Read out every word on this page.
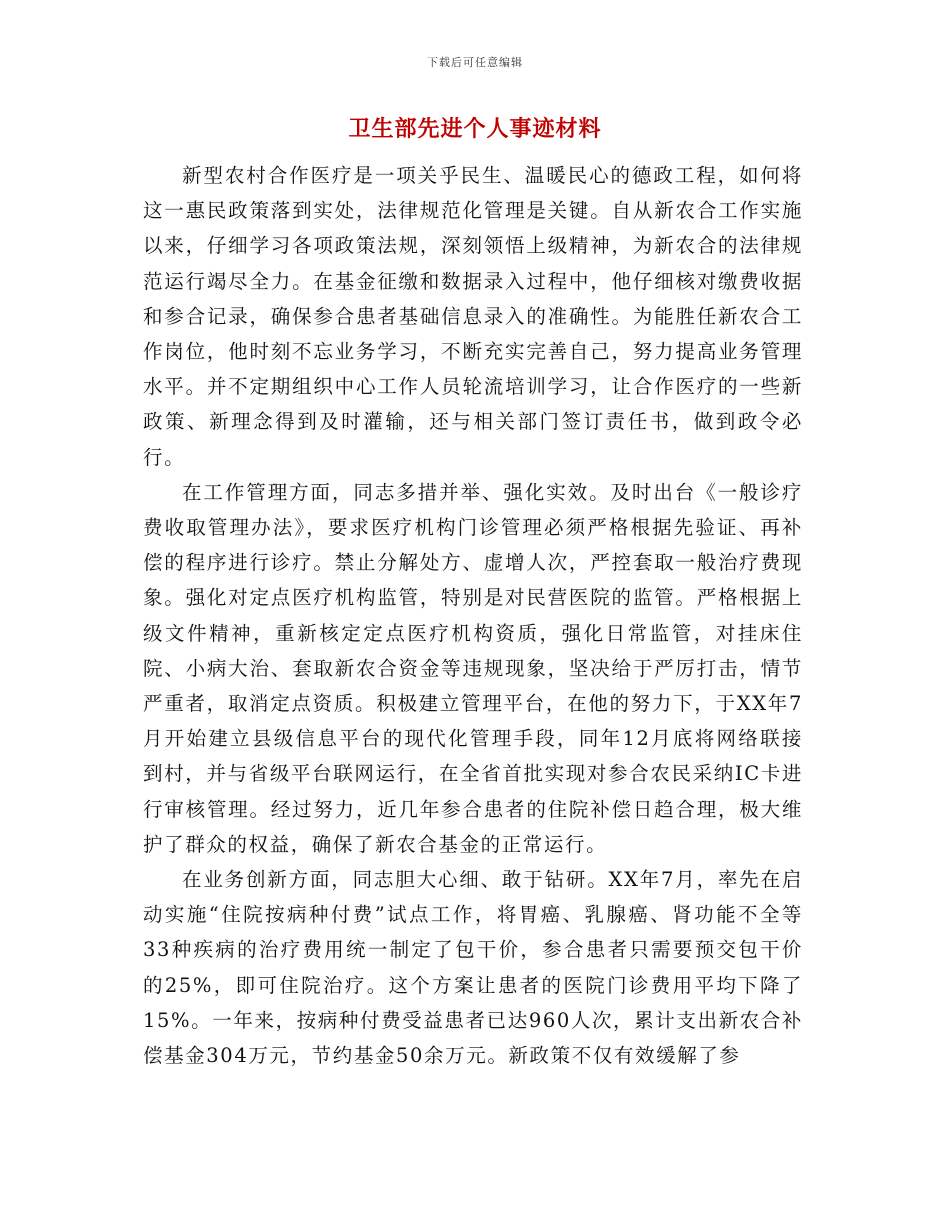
下载后可任意编辑
卫生部先进个人事迹材料

新型农村合作医疗是一项关乎民生、温暖民心的德政工程，如何将这一惠民政策落到实处，法律规范化管理是关键。自从新农合工作实施以来，仔细学习各项政策法规，深刻领悟上级精神，为新农合的法律规范运行竭尽全力。在基金征缴和数据录入过程中，他仔细核对缴费收据和参合记录，确保参合患者基础信息录入的准确性。为能胜任新农合工作岗位，他时刻不忘业务学习，不断充实完善自己，努力提高业务管理水平。并不定期组织中心工作人员轮流培训学习，让合作医疗的一些新政策、新理念得到及时灌输，还与相关部门签订责任书，做到政令必行。

在工作管理方面，同志多措并举、强化实效。及时出台《一般诊疗费收取管理办法》，要求医疗机构门诊管理必须严格根据先验证、再补偿的程序进行诊疗。禁止分解处方、虚增人次，严控套取一般治疗费现象。强化对定点医疗机构监管，特别是对民营医院的监管。严格根据上级文件精神，重新核定定点医疗机构资质，强化日常监管，对挂床住院、小病大治、套取新农合资金等违规现象，坚决给于严厉打击，情节严重者，取消定点资质。积极建立管理平台，在他的努力下，于XX年7月开始建立县级信息平台的现代化管理手段，同年12月底将网络联接到村，并与省级平台联网运行，在全省首批实现对参合农民采纳IC卡进行审核管理。经过努力，近几年参合患者的住院补偿日趋合理，极大维护了群众的权益，确保了新农合基金的正常运行。

在业务创新方面，同志胆大心细、敢于钻研。XX年7月，率先在启动实施“住院按病种付费”试点工作，将胃癌、乳腺癌、肾功能不全等33种疾病的治疗费用统一制定了包干价，参合患者只需要预交包干价的25%，即可住院治疗。这个方案让患者的医院门诊费用平均下降了15%。一年来，按病种付费受益患者已达960人次，累计支出新农合补偿基金304万元，节约基金50余万元。新政策不仅有效缓解了参
